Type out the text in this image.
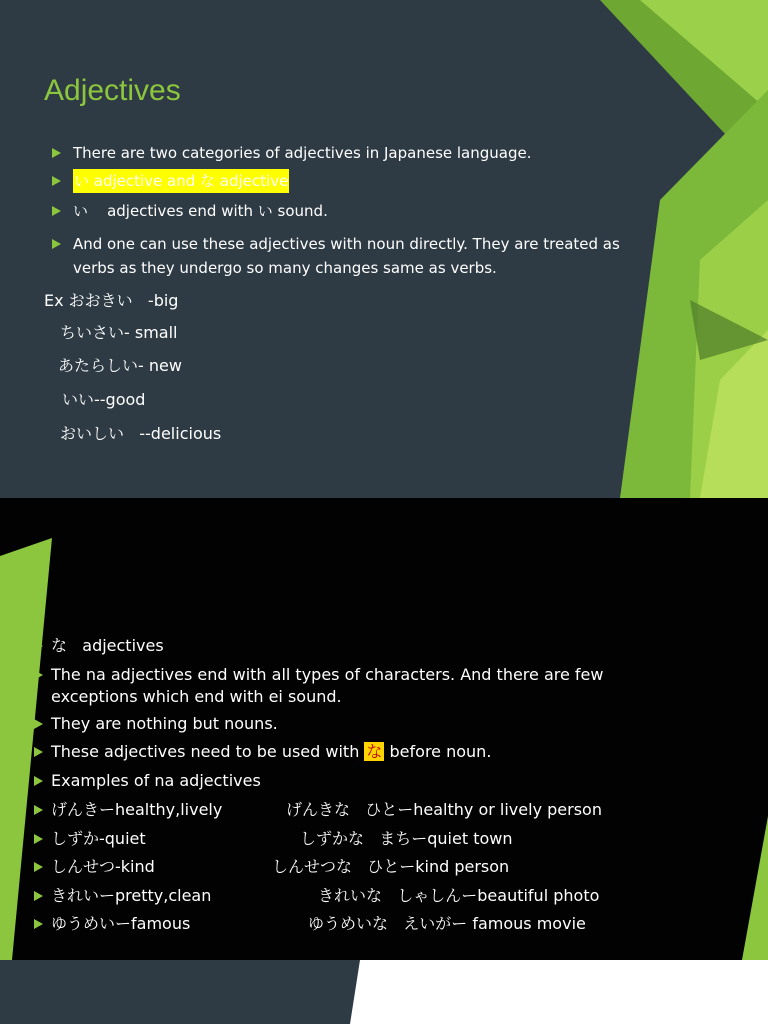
Adjectives
There are two categories of adjectives in Japanese language.
い adjective and な adjective
い    adjectives end with い sound.
And one can use these adjectives with noun directly. They are treated as verbs as they undergo so many changes same as verbs.
Ex おおきい   -big
ちいさい- small
あたらしい- new
いい--good
おいしい   --delicious
な   adjectives
The na adjectives end with all types of characters. And there are few exceptions which end with ei sound.
They are nothing but nouns.
These adjectives need to be used with な before noun.
Examples of na adjectives
げんきーhealthy,lively	げんきな   ひとーhealthy or lively person
しずか-quiet	しずかな   まちーquiet town
しんせつ-kind	しんせつな   ひとーkind person
きれいーpretty,clean	きれいな   しゃしんーbeautiful photo
ゆうめいーfamous	ゆうめいな   えいがー famous movie
